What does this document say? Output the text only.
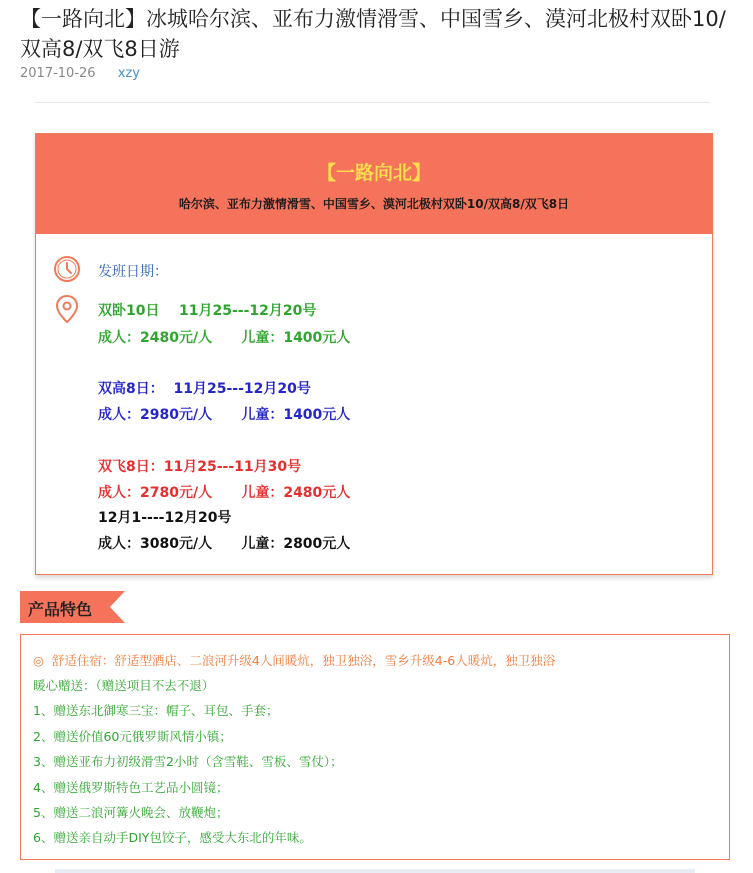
【一路向北】冰城哈尔滨、亚布力激情滑雪、中国雪乡、漠河北极村双卧10/双高8/双飞8日游
2017-10-26 xzy
【一路向北】
哈尔滨、亚布力激情滑雪、中国雪乡、漠河北极村双卧10/双高8/双飞8日
发班日期：
双卧10日    11月25---12月20号
成人：2480元/人      儿童：1400元人
双高8日：  11月25---12月20号
成人：2980元/人      儿童：1400元人
双飞8日：11月25---11月30号
成人：2780元/人      儿童：2480元人
12月1----12月20号
成人：3080元/人      儿童：2800元人
产品特色
◎  舒适住宿：舒适型酒店、二浪河升级4人间暖炕，独卫独浴，雪乡升级4-6人暖炕，独卫独浴
暖心赠送：（赠送项目不去不退）
1、赠送东北御寒三宝：帽子、耳包、手套；
2、赠送价值60元俄罗斯风情小镇；
3、赠送亚布力初级滑雪2小时（含雪鞋、雪板、雪仗）；
4、赠送俄罗斯特色工艺品小圆镜；
5、赠送二浪河篝火晚会、放鞭炮；
6、赠送亲自动手DIY包饺子，感受大东北的年味。
